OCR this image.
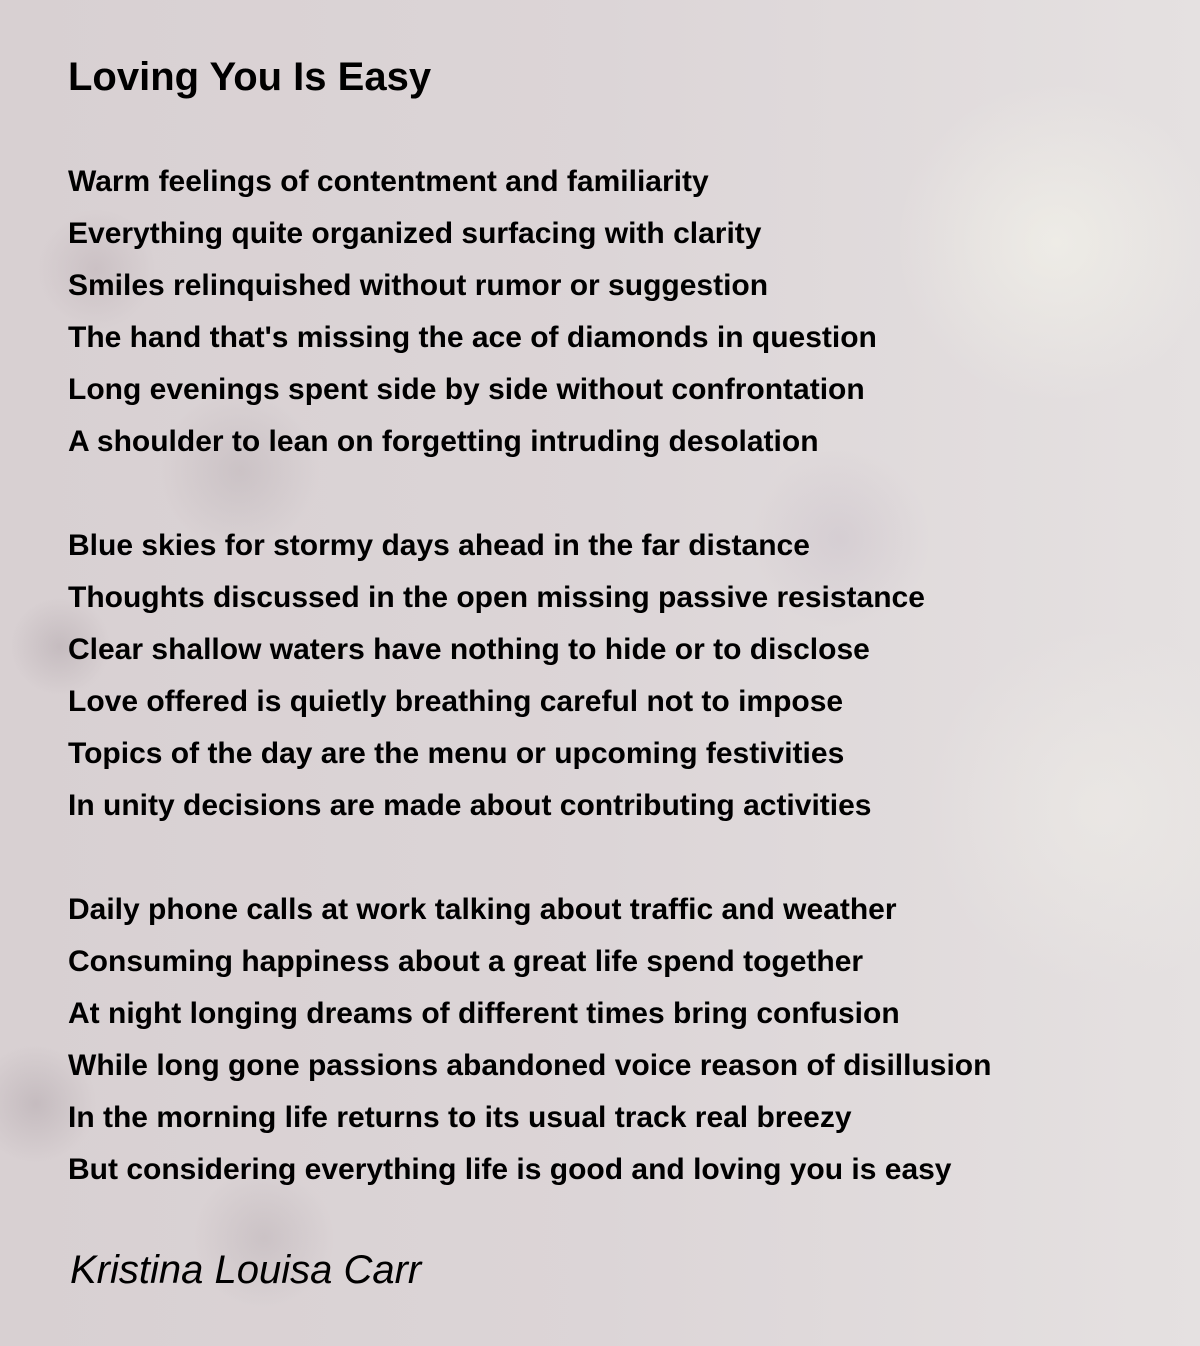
Loving You Is Easy
Warm feelings of contentment and familiarity
Everything quite organized surfacing with clarity
Smiles relinquished without rumor or suggestion
The hand that's missing the ace of diamonds in question
Long evenings spent side by side without confrontation
A shoulder to lean on forgetting intruding desolation
Blue skies for stormy days ahead in the far distance
Thoughts discussed in the open missing passive resistance
Clear shallow waters have nothing to hide or to disclose
Love offered is quietly breathing careful not to impose
Topics of the day are the menu or upcoming festivities
In unity decisions are made about contributing activities
Daily phone calls at work talking about traffic and weather
Consuming happiness about a great life spend together
At night longing dreams of different times bring confusion
While long gone passions abandoned voice reason of disillusion
In the morning life returns to its usual track real breezy
But considering everything life is good and loving you is easy
Kristina Louisa Carr
